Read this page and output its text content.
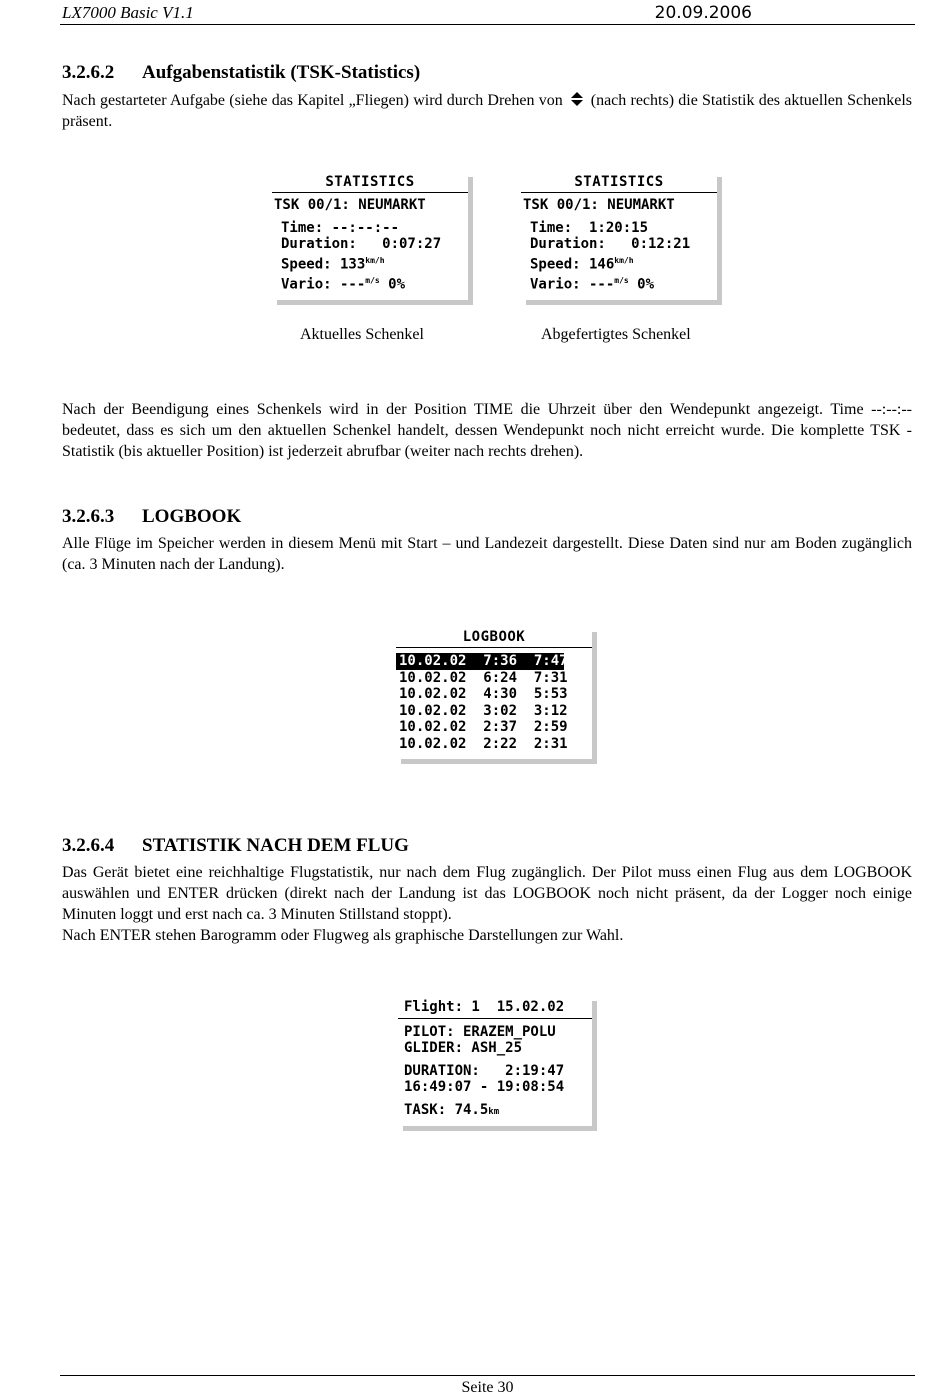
LX7000 Basic V1.1	20.09.2006
3.2.6.2 Aufgabenstatistik (TSK-Statistics)

Nach gestarteter Aufgabe (siehe das Kapitel „Fliegen) wird durch Drehen von (nach rechts) die Statistik des aktuellen Schenkels präsent.

STATISTICS
TSK 00/1: NEUMARKT
Time: --:--:--
Duration:   0:07:27
Speed: $133^{km/h}$
Vario: ---$^{m/s}$ 0%
Aktuelles Schenkel
STATISTICS
TSK 00/1: NEUMARKT
Time:  1:20:15
Duration:   0:12:21
Speed: $146^{km/h}$
Vario: ---$^{m/s}$ 0%
Abgefertigtes Schenkel

Nach der Beendigung eines Schenkels wird in der Position TIME die Uhrzeit über den Wendepunkt angezeigt. Time --:--:-- bedeutet, dass es sich um den aktuellen Schenkel handelt, dessen Wendepunkt noch nicht erreicht wurde. Die komplette TSK - Statistik (bis aktueller Position) ist jederzeit abrufbar (weiter nach rechts drehen).

3.2.6.3 LOGBOOK

Alle Flüge im Speicher werden in diesem Menü mit Start – und Landezeit dargestellt. Diese Daten sind nur am Boden zugänglich (ca. 3 Minuten nach der Landung).

LOGBOOK
10.02.02  7:36  7:47
10.02.02  6:24  7:31
10.02.02  4:30  5:53
10.02.02  3:02  3:12
10.02.02  2:37  2:59
10.02.02  2:22  2:31
3.2.6.4 STATISTIK NACH DEM FLUG

Das Gerät bietet eine reichhaltige Flugstatistik, nur nach dem Flug zugänglich. Der Pilot muss einen Flug aus dem LOGBOOK auswählen und ENTER drücken (direkt nach der Landung ist das LOGBOOK noch nicht präsent, da der Logger noch einige Minuten loggt und erst nach ca. 3 Minuten Stillstand stoppt).

Nach ENTER stehen Barogramm oder Flugweg als graphische Darstellungen zur Wahl.

Flight: 1  15.02.02
PILOT: ERAZEM_POLU
GLIDER: ASH_25
DURATION:   2:19:47
16:49:07 - 19:08:54
TASK: 74.5km
Seite 30
